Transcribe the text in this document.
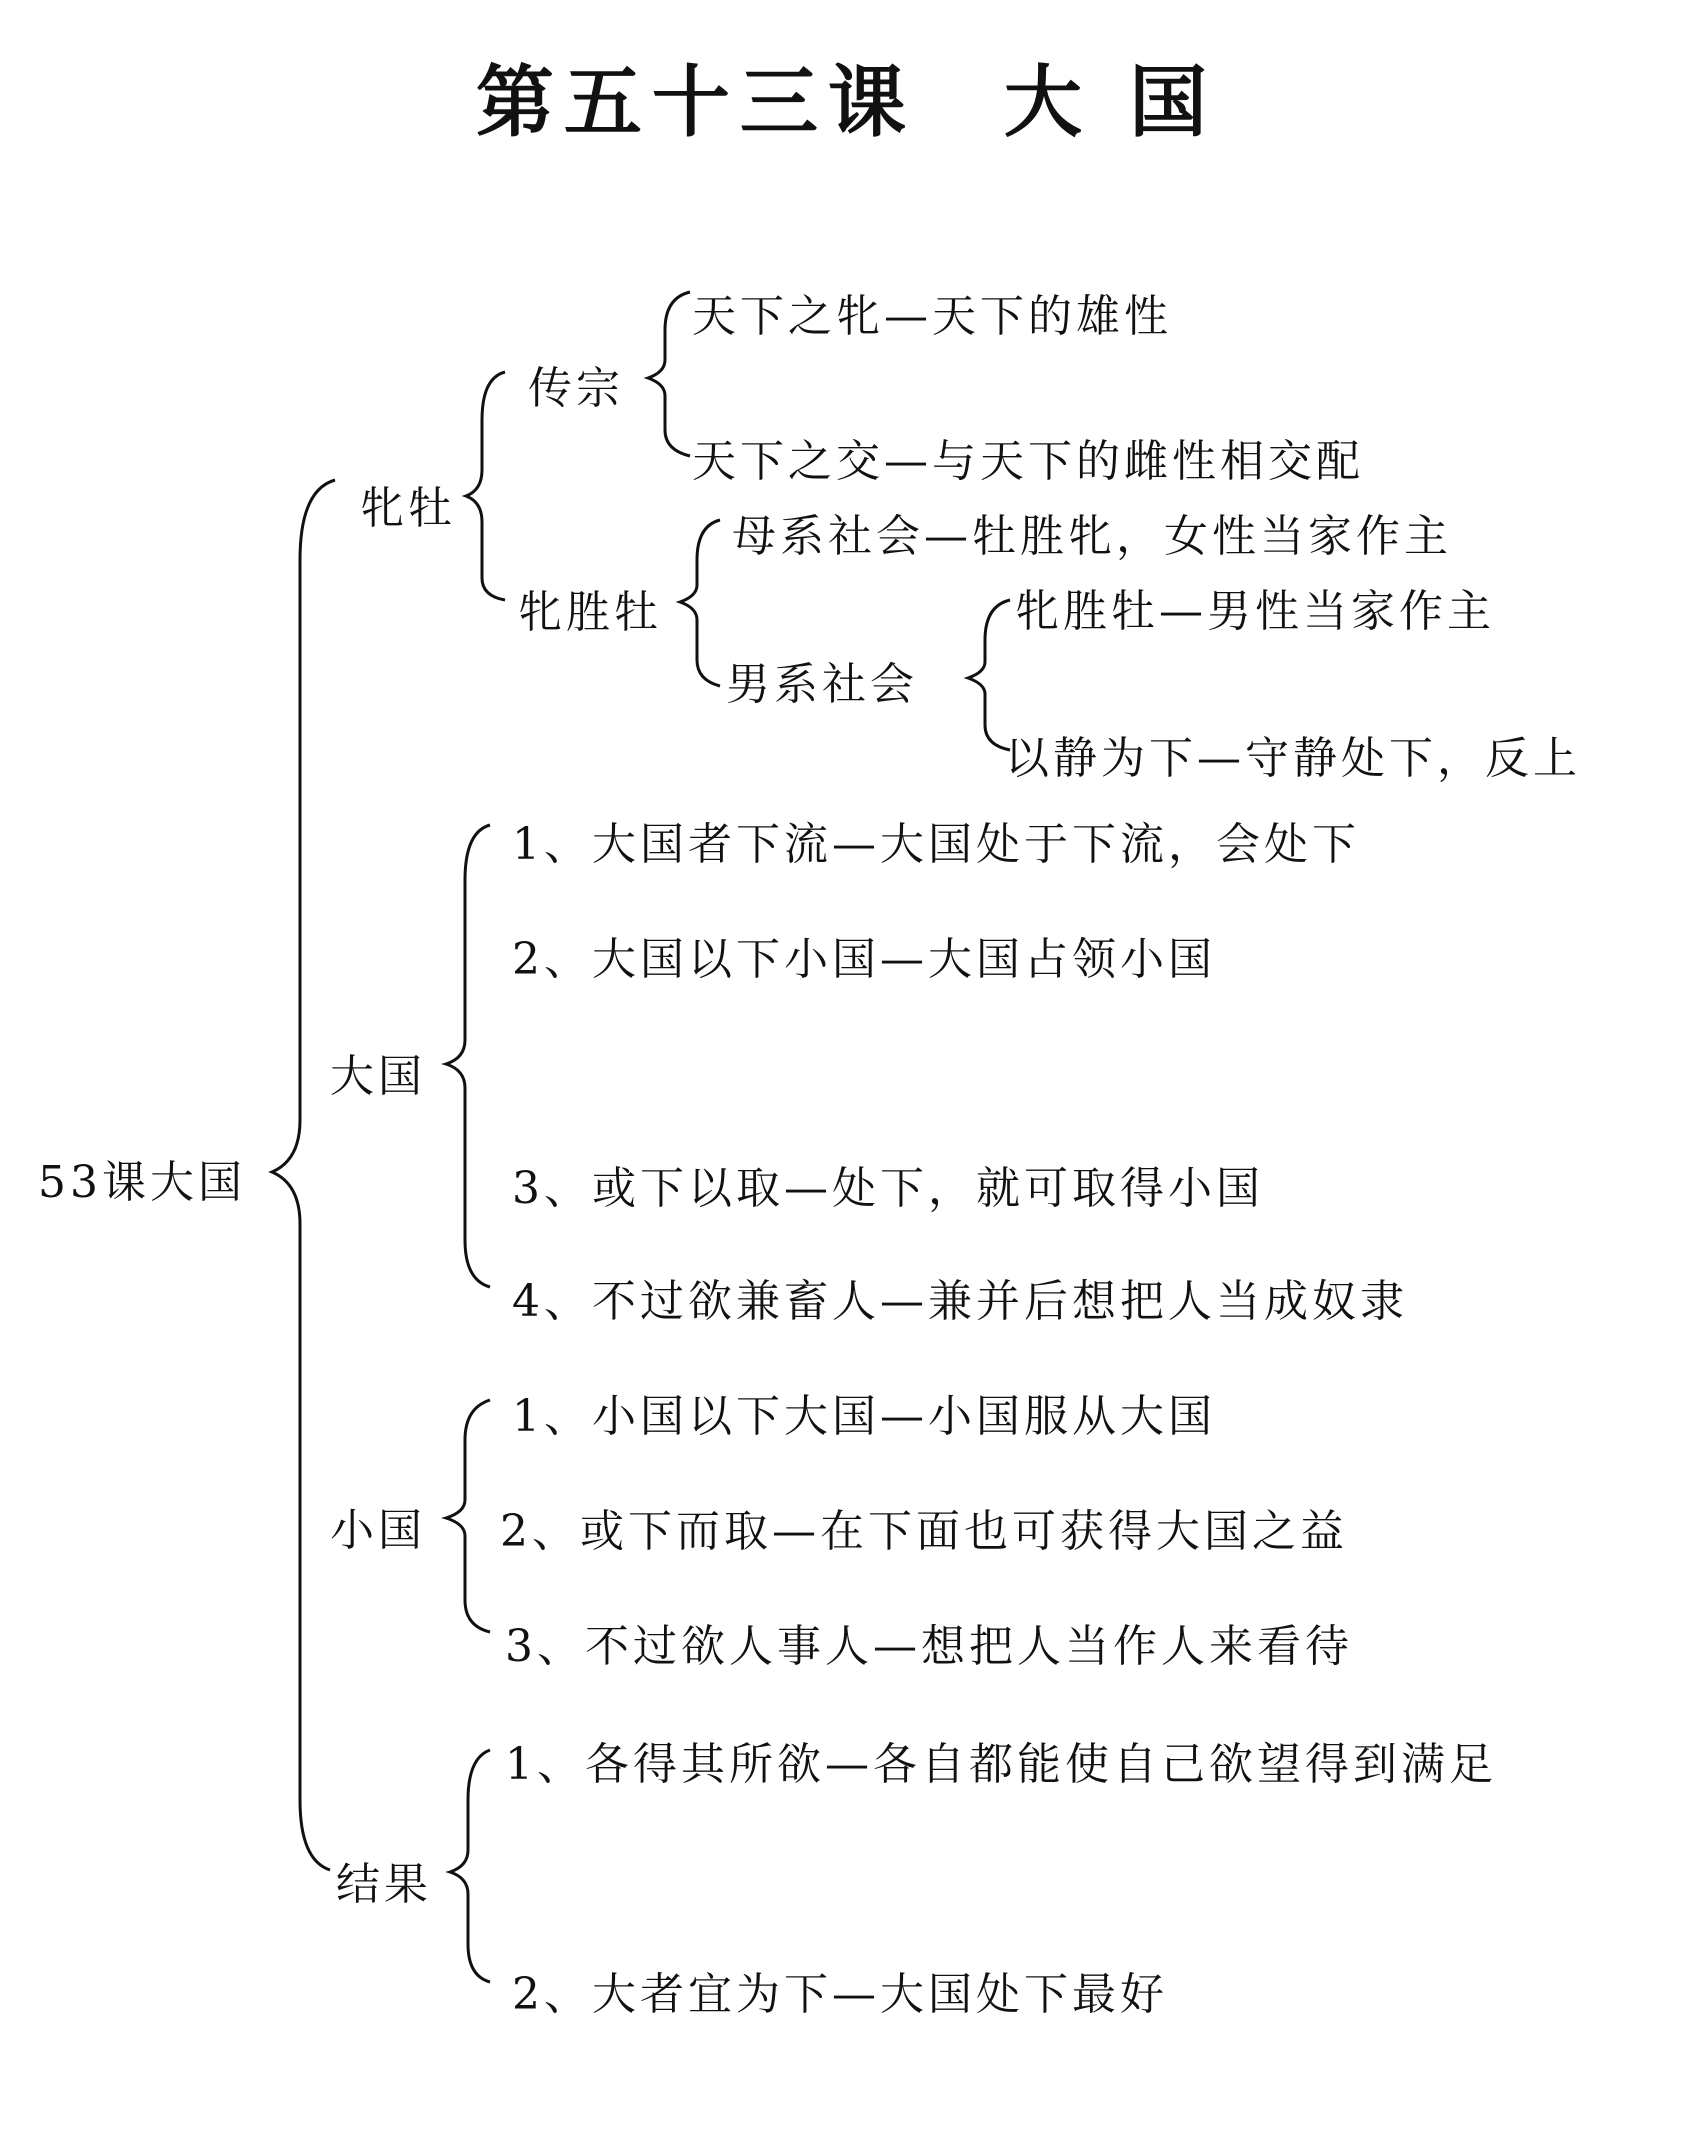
第五十三课　大 国
53课大国
牝牡
传宗
天下之牝—天下的雄性
天下之交—与天下的雌性相交配
牝胜牡
母系社会—牡胜牝，女性当家作主
男系社会
牝胜牡—男性当家作主
以静为下—守静处下，反上
大国
1、大国者下流—大国处于下流，会处下
2、大国以下小国—大国占领小国
3、或下以取—处下，就可取得小国
4、不过欲兼畜人—兼并后想把人当成奴隶
小国
1、小国以下大国—小国服从大国
2、或下而取—在下面也可获得大国之益
3、不过欲人事人—想把人当作人来看待
结果
1、各得其所欲—各自都能使自己欲望得到满足
2、大者宜为下—大国处下最好
